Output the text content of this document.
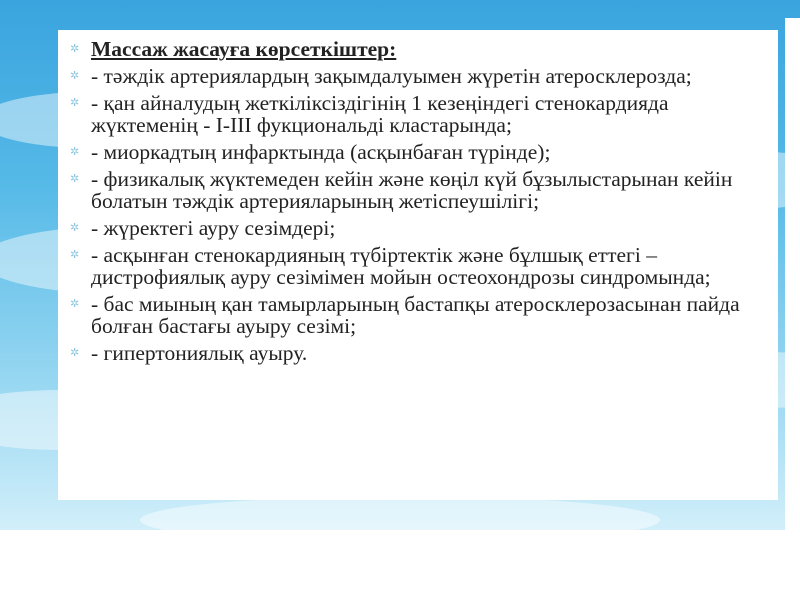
✲ Массаж жасауға көрсеткіштер:
✲ - тәждік артериялардың зақымдалуымен жүретін атеросклерозда;
✲ - қан айналудың жеткіліксіздігінің 1 кезеңіндегі стенокардияда жүктеменің - I-III фукциональді кластарында;
✲ - миоркадтың инфарктында (асқынбаған түрінде);
✲ - физикалық жүктемеден кейін және көңіл күй бұзылыстарынан кейін болатын тәждік артерияларының жетіспеушілігі;
✲ - жүректегі ауру сезімдері;
✲ - асқынған стенокардияның түбіртектік және бұлшық еттегі – дистрофиялық ауру сезімімен мойын остеохондрозы синдромында;
✲ - бас миының қан тамырларының бастапқы атеросклерозасынан пайда болған бастағы ауыру сезімі;
✲ - гипертониялық ауыру.
